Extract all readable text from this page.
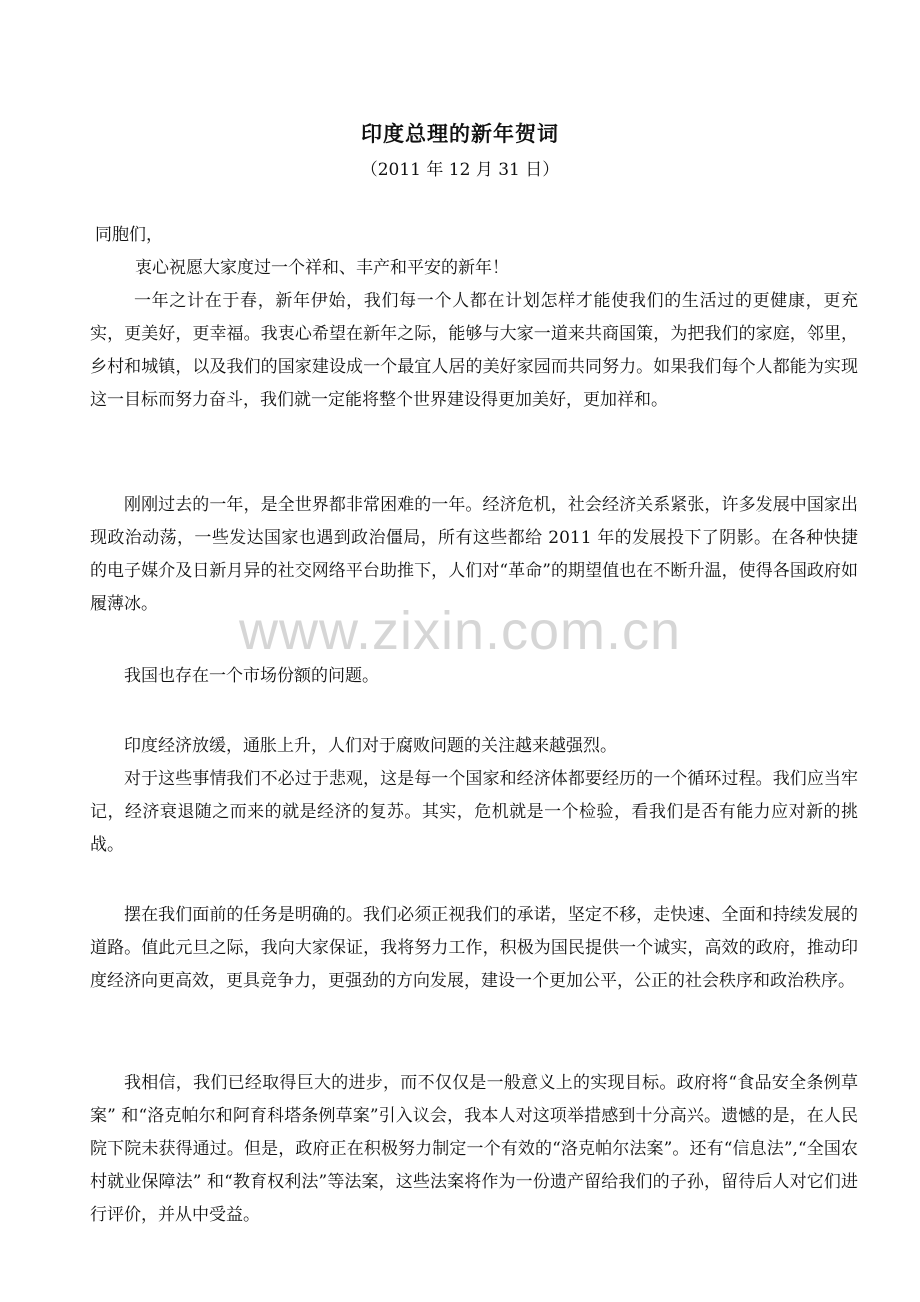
印度总理的新年贺词
（2011 年 12 月 31 日）
同胞们，

衷心祝愿大家度过一个祥和、丰产和平安的新年！

一年之计在于春，新年伊始，我们每一个人都在计划怎样才能使我们的生活过的更健康，更充实，更美好，更幸福。我衷心希望在新年之际，能够与大家一道来共商国策，为把我们的家庭，邻里，乡村和城镇，以及我们的国家建设成一个最宜人居的美好家园而共同努力。如果我们每个人都能为实现这一目标而努力奋斗，我们就一定能将整个世界建设得更加美好，更加祥和。

刚刚过去的一年，是全世界都非常困难的一年。经济危机，社会经济关系紧张，许多发展中国家出现政治动荡，一些发达国家也遇到政治僵局，所有这些都给 2011 年的发展投下了阴影。在各种快捷的电子媒介及日新月异的社交网络平台助推下，人们对“革命”的期望值也在不断升温，使得各国政府如履薄冰。

我国也存在一个市场份额的问题。

印度经济放缓，通胀上升，人们对于腐败问题的关注越来越强烈。

对于这些事情我们不必过于悲观，这是每一个国家和经济体都要经历的一个循环过程。我们应当牢记，经济衰退随之而来的就是经济的复苏。其实，危机就是一个检验，看我们是否有能力应对新的挑战。

摆在我们面前的任务是明确的。我们必须正视我们的承诺，坚定不移，走快速、全面和持续发展的道路。值此元旦之际，我向大家保证，我将努力工作，积极为国民提供一个诚实，高效的政府，推动印度经济向更高效，更具竞争力，更强劲的方向发展，建设一个更加公平，公正的社会秩序和政治秩序。

我相信，我们已经取得巨大的进步，而不仅仅是一般意义上的实现目标。政府将“食品安全条例草案” 和“洛克帕尔和阿育科塔条例草案”引入议会，我本人对这项举措感到十分高兴。遗憾的是，在人民院下院未获得通过。但是，政府正在积极努力制定一个有效的“洛克帕尔法案”。还有“信息法”,“全国农村就业保障法” 和“教育权利法”等法案，这些法案将作为一份遗产留给我们的子孙，留待后人对它们进行评价，并从中受益。

www.zixin.com.cn
